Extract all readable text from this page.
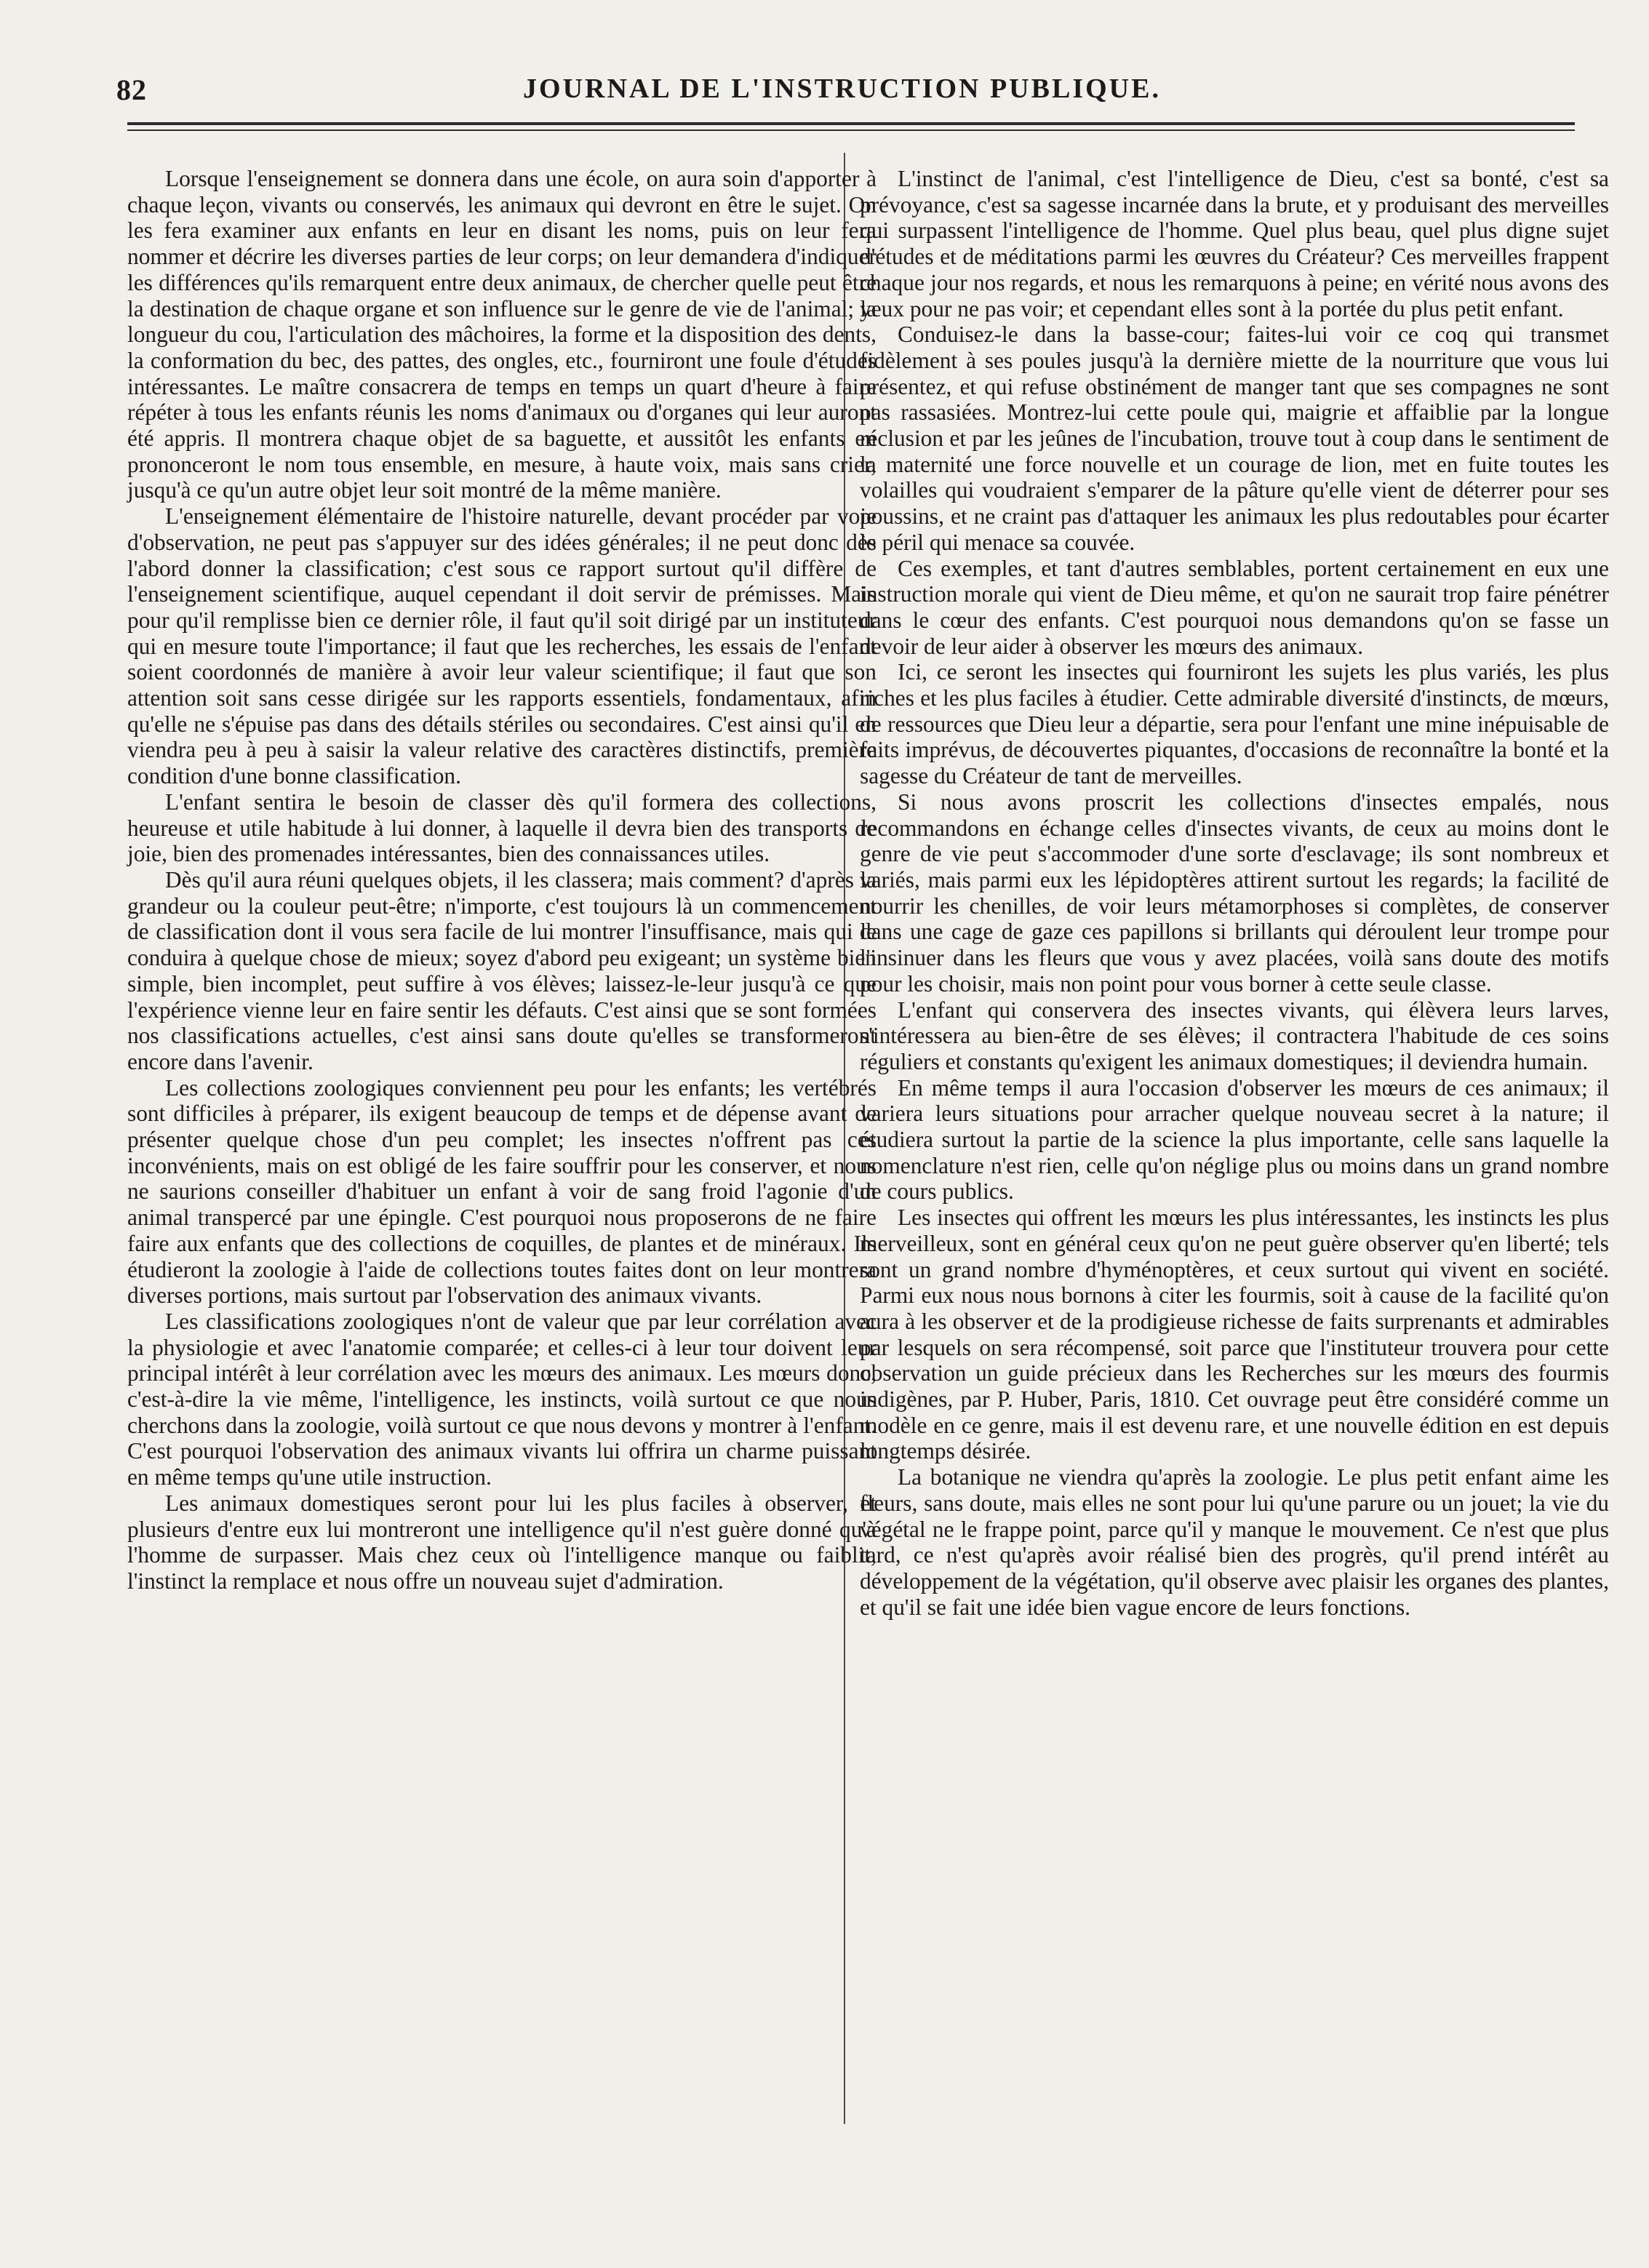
82	JOURNAL DE L'INSTRUCTION PUBLIQUE.

Lorsque l'enseignement se donnera dans une école, on aura soin d'apporter à chaque leçon, vivants ou conservés, les animaux qui devront en être le sujet. On les fera examiner aux enfants en leur en disant les noms, puis on leur fera nommer et décrire les diverses parties de leur corps; on leur demandera d'indiquer les différences qu'ils remarquent entre deux animaux, de chercher quelle peut être la destination de chaque organe et son influence sur le genre de vie de l'animal; la longueur du cou, l'articulation des mâchoires, la forme et la disposition des dents, la conformation du bec, des pattes, des ongles, etc., fourniront une foule d'études intéressantes. Le maître consacrera de temps en temps un quart d'heure à faire répéter à tous les enfants réunis les noms d'animaux ou d'organes qui leur auront été appris. Il montrera chaque objet de sa baguette, et aussitôt les enfants en prononceront le nom tous ensemble, en mesure, à haute voix, mais sans crier, jusqu'à ce qu'un autre objet leur soit montré de la même manière.

L'enseignement élémentaire de l'histoire naturelle, devant procéder par voie d'observation, ne peut pas s'appuyer sur des idées générales; il ne peut donc dès l'abord donner la classification; c'est sous ce rapport surtout qu'il diffère de l'enseignement scientifique, auquel cependant il doit servir de prémisses. Mais pour qu'il remplisse bien ce dernier rôle, il faut qu'il soit dirigé par un instituteur qui en mesure toute l'importance; il faut que les recherches, les essais de l'enfant soient coordonnés de manière à avoir leur valeur scientifique; il faut que son attention soit sans cesse dirigée sur les rapports essentiels, fondamentaux, afin qu'elle ne s'épuise pas dans des détails stériles ou secondaires. C'est ainsi qu'il en viendra peu à peu à saisir la valeur relative des caractères distinctifs, première condition d'une bonne classification.

L'enfant sentira le besoin de classer dès qu'il formera des collections, heureuse et utile habitude à lui donner, à laquelle il devra bien des transports de joie, bien des promenades intéressantes, bien des connaissances utiles.

Dès qu'il aura réuni quelques objets, il les classera; mais comment? d'après la grandeur ou la couleur peut-être; n'importe, c'est toujours là un commencement de classification dont il vous sera facile de lui montrer l'insuffisance, mais qui le conduira à quelque chose de mieux; soyez d'abord peu exigeant; un système bien simple, bien incomplet, peut suffire à vos élèves; laissez-le-leur jusqu'à ce que l'expérience vienne leur en faire sentir les défauts. C'est ainsi que se sont formées nos classifications actuelles, c'est ainsi sans doute qu'elles se transformeront encore dans l'avenir.

Les collections zoologiques conviennent peu pour les enfants; les vertébrés sont difficiles à préparer, ils exigent beaucoup de temps et de dépense avant de présenter quelque chose d'un peu complet; les insectes n'offrent pas ces inconvénients, mais on est obligé de les faire souffrir pour les conserver, et nous ne saurions conseiller d'habituer un enfant à voir de sang froid l'agonie d'un animal transpercé par une épingle. C'est pourquoi nous proposerons de ne faire faire aux enfants que des collections de coquilles, de plantes et de minéraux. Ils étudieront la zoologie à l'aide de collections toutes faites dont on leur montrera diverses portions, mais surtout par l'observation des animaux vivants.

Les classifications zoologiques n'ont de valeur que par leur corrélation avec la physiologie et avec l'anatomie comparée; et celles-ci à leur tour doivent leur principal intérêt à leur corrélation avec les mœurs des animaux. Les mœurs donc, c'est-à-dire la vie même, l'intelligence, les instincts, voilà surtout ce que nous cherchons dans la zoologie, voilà surtout ce que nous devons y montrer à l'enfant. C'est pourquoi l'observation des animaux vivants lui offrira un charme puissant en même temps qu'une utile instruction.

Les animaux domestiques seront pour lui les plus faciles à observer, et plusieurs d'entre eux lui montreront une intelligence qu'il n'est guère donné qu'à l'homme de surpasser. Mais chez ceux où l'intelligence manque ou faiblit, l'instinct la remplace et nous offre un nouveau sujet d'admiration.

L'instinct de l'animal, c'est l'intelligence de Dieu, c'est sa bonté, c'est sa prévoyance, c'est sa sagesse incarnée dans la brute, et y produisant des merveilles qui surpassent l'intelligence de l'homme. Quel plus beau, quel plus digne sujet d'études et de méditations parmi les œuvres du Créateur? Ces merveilles frappent chaque jour nos regards, et nous les remarquons à peine; en vérité nous avons des yeux pour ne pas voir; et cependant elles sont à la portée du plus petit enfant.

Conduisez-le dans la basse-cour; faites-lui voir ce coq qui transmet fidèlement à ses poules jusqu'à la dernière miette de la nourriture que vous lui présentez, et qui refuse obstinément de manger tant que ses compagnes ne sont pas rassasiées. Montrez-lui cette poule qui, maigrie et affaiblie par la longue réclusion et par les jeûnes de l'incubation, trouve tout à coup dans le sentiment de la maternité une force nouvelle et un courage de lion, met en fuite toutes les volailles qui voudraient s'emparer de la pâture qu'elle vient de déterrer pour ses poussins, et ne craint pas d'attaquer les animaux les plus redoutables pour écarter le péril qui menace sa couvée.

Ces exemples, et tant d'autres semblables, portent certainement en eux une instruction morale qui vient de Dieu même, et qu'on ne saurait trop faire pénétrer dans le cœur des enfants. C'est pourquoi nous demandons qu'on se fasse un devoir de leur aider à observer les mœurs des animaux.

Ici, ce seront les insectes qui fourniront les sujets les plus variés, les plus riches et les plus faciles à étudier. Cette admirable diversité d'instincts, de mœurs, de ressources que Dieu leur a départie, sera pour l'enfant une mine inépuisable de faits imprévus, de découvertes piquantes, d'occasions de reconnaître la bonté et la sagesse du Créateur de tant de merveilles.

Si nous avons proscrit les collections d'insectes empalés, nous recommandons en échange celles d'insectes vivants, de ceux au moins dont le genre de vie peut s'accommoder d'une sorte d'esclavage; ils sont nombreux et variés, mais parmi eux les lépidoptères attirent surtout les regards; la facilité de nourrir les chenilles, de voir leurs métamorphoses si complètes, de conserver dans une cage de gaze ces papillons si brillants qui déroulent leur trompe pour l'insinuer dans les fleurs que vous y avez placées, voilà sans doute des motifs pour les choisir, mais non point pour vous borner à cette seule classe.

L'enfant qui conservera des insectes vivants, qui élèvera leurs larves, s'intéressera au bien-être de ses élèves; il contractera l'habitude de ces soins réguliers et constants qu'exigent les animaux domestiques; il deviendra humain.

En même temps il aura l'occasion d'observer les mœurs de ces animaux; il variera leurs situations pour arracher quelque nouveau secret à la nature; il étudiera surtout la partie de la science la plus importante, celle sans laquelle la nomenclature n'est rien, celle qu'on néglige plus ou moins dans un grand nombre de cours publics.

Les insectes qui offrent les mœurs les plus intéressantes, les instincts les plus merveilleux, sont en général ceux qu'on ne peut guère observer qu'en liberté; tels sont un grand nombre d'hyménoptères, et ceux surtout qui vivent en société. Parmi eux nous nous bornons à citer les fourmis, soit à cause de la facilité qu'on aura à les observer et de la prodigieuse richesse de faits surprenants et admirables par lesquels on sera récompensé, soit parce que l'instituteur trouvera pour cette observation un guide précieux dans les Recherches sur les mœurs des fourmis indigènes, par P. Huber, Paris, 1810. Cet ouvrage peut être considéré comme un modèle en ce genre, mais il est devenu rare, et une nouvelle édition en est depuis longtemps désirée.

La botanique ne viendra qu'après la zoologie. Le plus petit enfant aime les fleurs, sans doute, mais elles ne sont pour lui qu'une parure ou un jouet; la vie du végétal ne le frappe point, parce qu'il y manque le mouvement. Ce n'est que plus tard, ce n'est qu'après avoir réalisé bien des progrès, qu'il prend intérêt au développement de la végétation, qu'il observe avec plaisir les organes des plantes, et qu'il se fait une idée bien vague encore de leurs fonctions.
